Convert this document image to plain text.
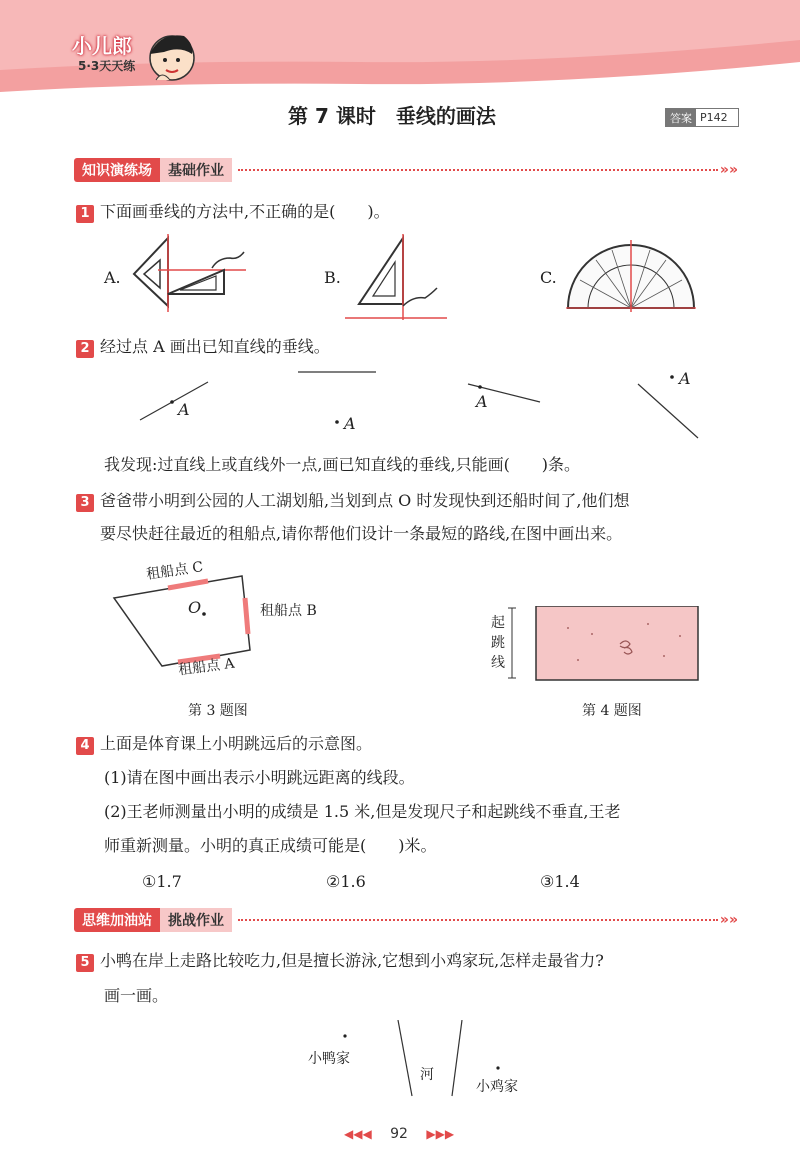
小儿郎
5·3天天练
第 7 课时　垂线的画法	答案 P142
知识演练场	基础作业	»»
1 下面画垂线的方法中,不正确的是(　　)。
A.	B.	C.
2 经过点 A 画出已知直线的垂线。
A
A
A
A
我发现:过直线上或直线外一点,画已知直线的垂线,只能画(　　)条。
3 爸爸带小明到公园的人工湖划船,当划到点 O 时发现快到还船时间了,他们想
要尽快赶往最近的租船点,请你帮他们设计一条最短的路线,在图中画出来。
租船点 C
租船点 B
租船点 A
O
第 3 题图
起
跳
线
第 4 题图
4 上面是体育课上小明跳远后的示意图。
(1)请在图中画出表示小明跳远距离的线段。
(2)王老师测量出小明的成绩是 1.5 米,但是发现尺子和起跳线不垂直,王老
师重新测量。小明的真正成绩可能是(　　)米。
①1.7	②1.6	③1.4
思维加油站	挑战作业	»»
5 小鸭在岸上走路比较吃力,但是擅长游泳,它想到小鸡家玩,怎样走最省力?
画一画。
小鸭家
河
小鸡家
◀◀◀ 92 ▶▶▶
